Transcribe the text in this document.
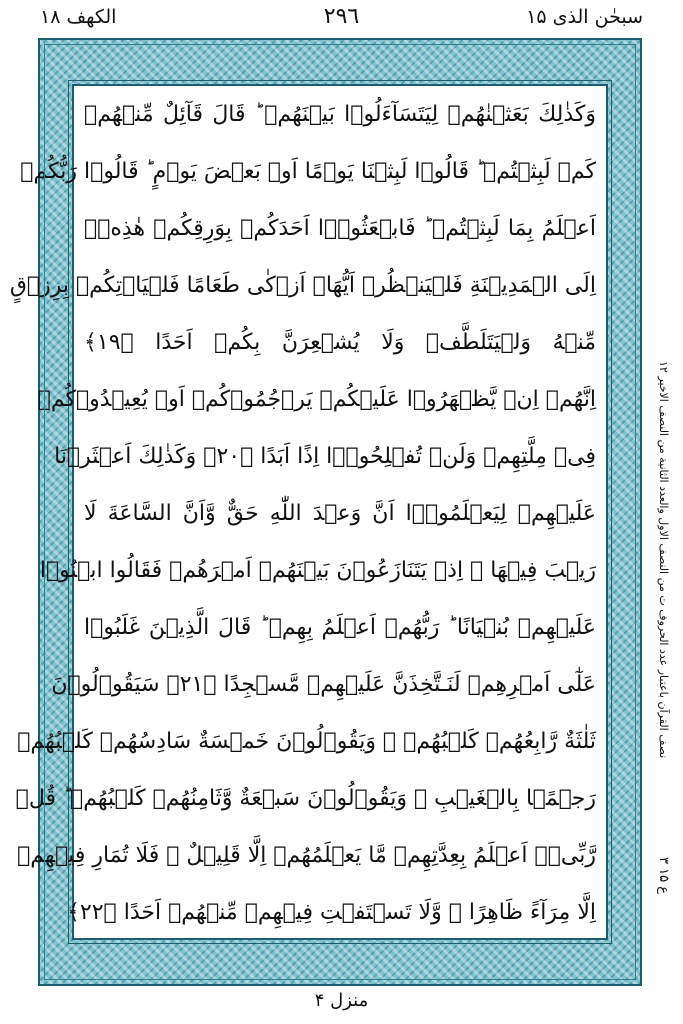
الكهف ١٨	٢٩٦	سبحٰن الذی ۱۵
وَكَذٰلِكَ بَعَثۡنٰهُمۡ لِيَتَسَآءَلُوۡا بَيۡنَهُمۡ ؕ قَالَ قَآئِلٌ مِّنۡهُمۡ
كَمۡ لَبِثۡتُمۡ ؕ قَالُوۡا لَبِثۡنَا يَوۡمًا اَوۡ بَعۡضَ يَوۡمٍ ؕ قَالُوۡا رَبُّكُمۡ
اَعۡلَمُ بِمَا لَبِثۡتُمۡ ؕ فَابۡعَثُوۡۤا اَحَدَكُمۡ بِوَرِقِكُمۡ هٰذِهٖۤ
اِلَى الۡمَدِيۡنَةِ فَلۡيَنۡظُرۡ اَيُّهَاۤ اَزۡكٰى طَعَامًا فَلۡيَاۡتِكُمۡ بِرِزۡقٍ
مِّنۡهُ وَلۡيَتَلَطَّفۡ وَلَا يُشۡعِرَنَّ بِكُمۡ اَحَدًا ﴿۱۹﴾
اِنَّهُمۡ اِنۡ يَّظۡهَرُوۡا عَلَيۡكُمۡ يَرۡجُمُوۡكُمۡ اَوۡ يُعِيۡدُوۡكُمۡ
فِىۡ مِلَّتِهِمۡ وَلَنۡ تُفۡلِحُوۡۤا اِذًا اَبَدًا ﴿۲۰﴾ وَكَذٰلِكَ اَعۡثَرۡنَا
عَلَيۡهِمۡ لِيَعۡلَمُوۡۤا اَنَّ وَعۡدَ اللّٰهِ حَقٌّ وَّاَنَّ السَّاعَةَ لَا
رَيۡبَ فِيۡهَا ۚ اِذۡ يَتَنَازَعُوۡنَ بَيۡنَهُمۡ اَمۡرَهُمۡ فَقَالُوا ابۡنُوۡا
عَلَيۡهِمۡ بُنۡيَانًا ؕ رَبُّهُمۡ اَعۡلَمُ بِهِمۡ ؕ قَالَ الَّذِيۡنَ غَلَبُوۡا
عَلٰٓى اَمۡرِهِمۡ لَنَـتَّخِذَنَّ عَلَيۡهِمۡ مَّسۡجِدًا ﴿۲۱﴾ سَيَقُوۡلُوۡنَ
ثَلٰثَةٌ رَّابِعُهُمۡ كَلۡبُهُمۡ ۚ وَيَقُوۡلُوۡنَ خَمۡسَةٌ سَادِسُهُمۡ كَلۡبُهُمۡ
رَجۡمًۢا بِالۡغَيۡبِ ۚ وَيَقُوۡلُوۡنَ سَبۡعَةٌ وَّثَامِنُهُمۡ كَلۡبُهُمۡ ؕ قُلۡ
رَّبِّىۡۤ اَعۡلَمُ بِعِدَّتِهِمۡ مَّا يَعۡلَمُهُمۡ اِلَّا قَلِيۡلٌ ۙ فَلَا تُمَارِ فِيۡهِمۡ
اِلَّا مِرَآءً ظَاهِرًا ۖ وَّلَا تَسۡتَفۡتِ فِيۡهِمۡ مِّنۡهُمۡ اَحَدًا ﴿۲۲﴾
نصف القرآن باعتبار عدد الحروف ت من النصف الاول والعدد الثانية من النصف الاخير ۱۲
۳ ع ۱۵
منزل ۴
